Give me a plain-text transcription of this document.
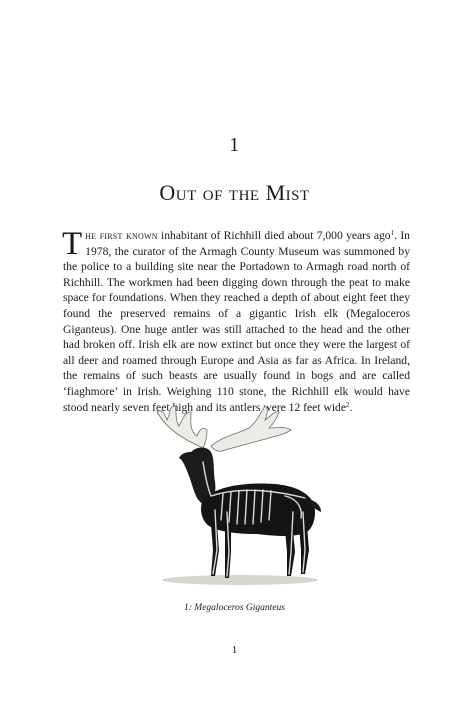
1
Out of the Mist

The first known inhabitant of Richhill died about 7,000 years ago$^1$. In 1978, the curator of the Armagh County Museum was summoned by the police to a building site near the Portadown to Armagh road north of Richhill. The workmen had been digging down through the peat to make space for foundations. When they reached a depth of about eight feet they found the preserved remains of a gigantic Irish elk (Megaloceros Giganteus). One huge antler was still attached to the head and the other had broken off. Irish elk are now extinct but once they were the largest of all deer and roamed through Europe and Asia as far as Africa. In Ireland, the remains of such beasts are usually found in bogs and are called ‘fiaghmore’ in Irish. Weighing 110 stone, the Richhill elk would have stood nearly seven feet high and its antlers were 12 feet wide$^2$.

1: Megaloceros Giganteus
1
